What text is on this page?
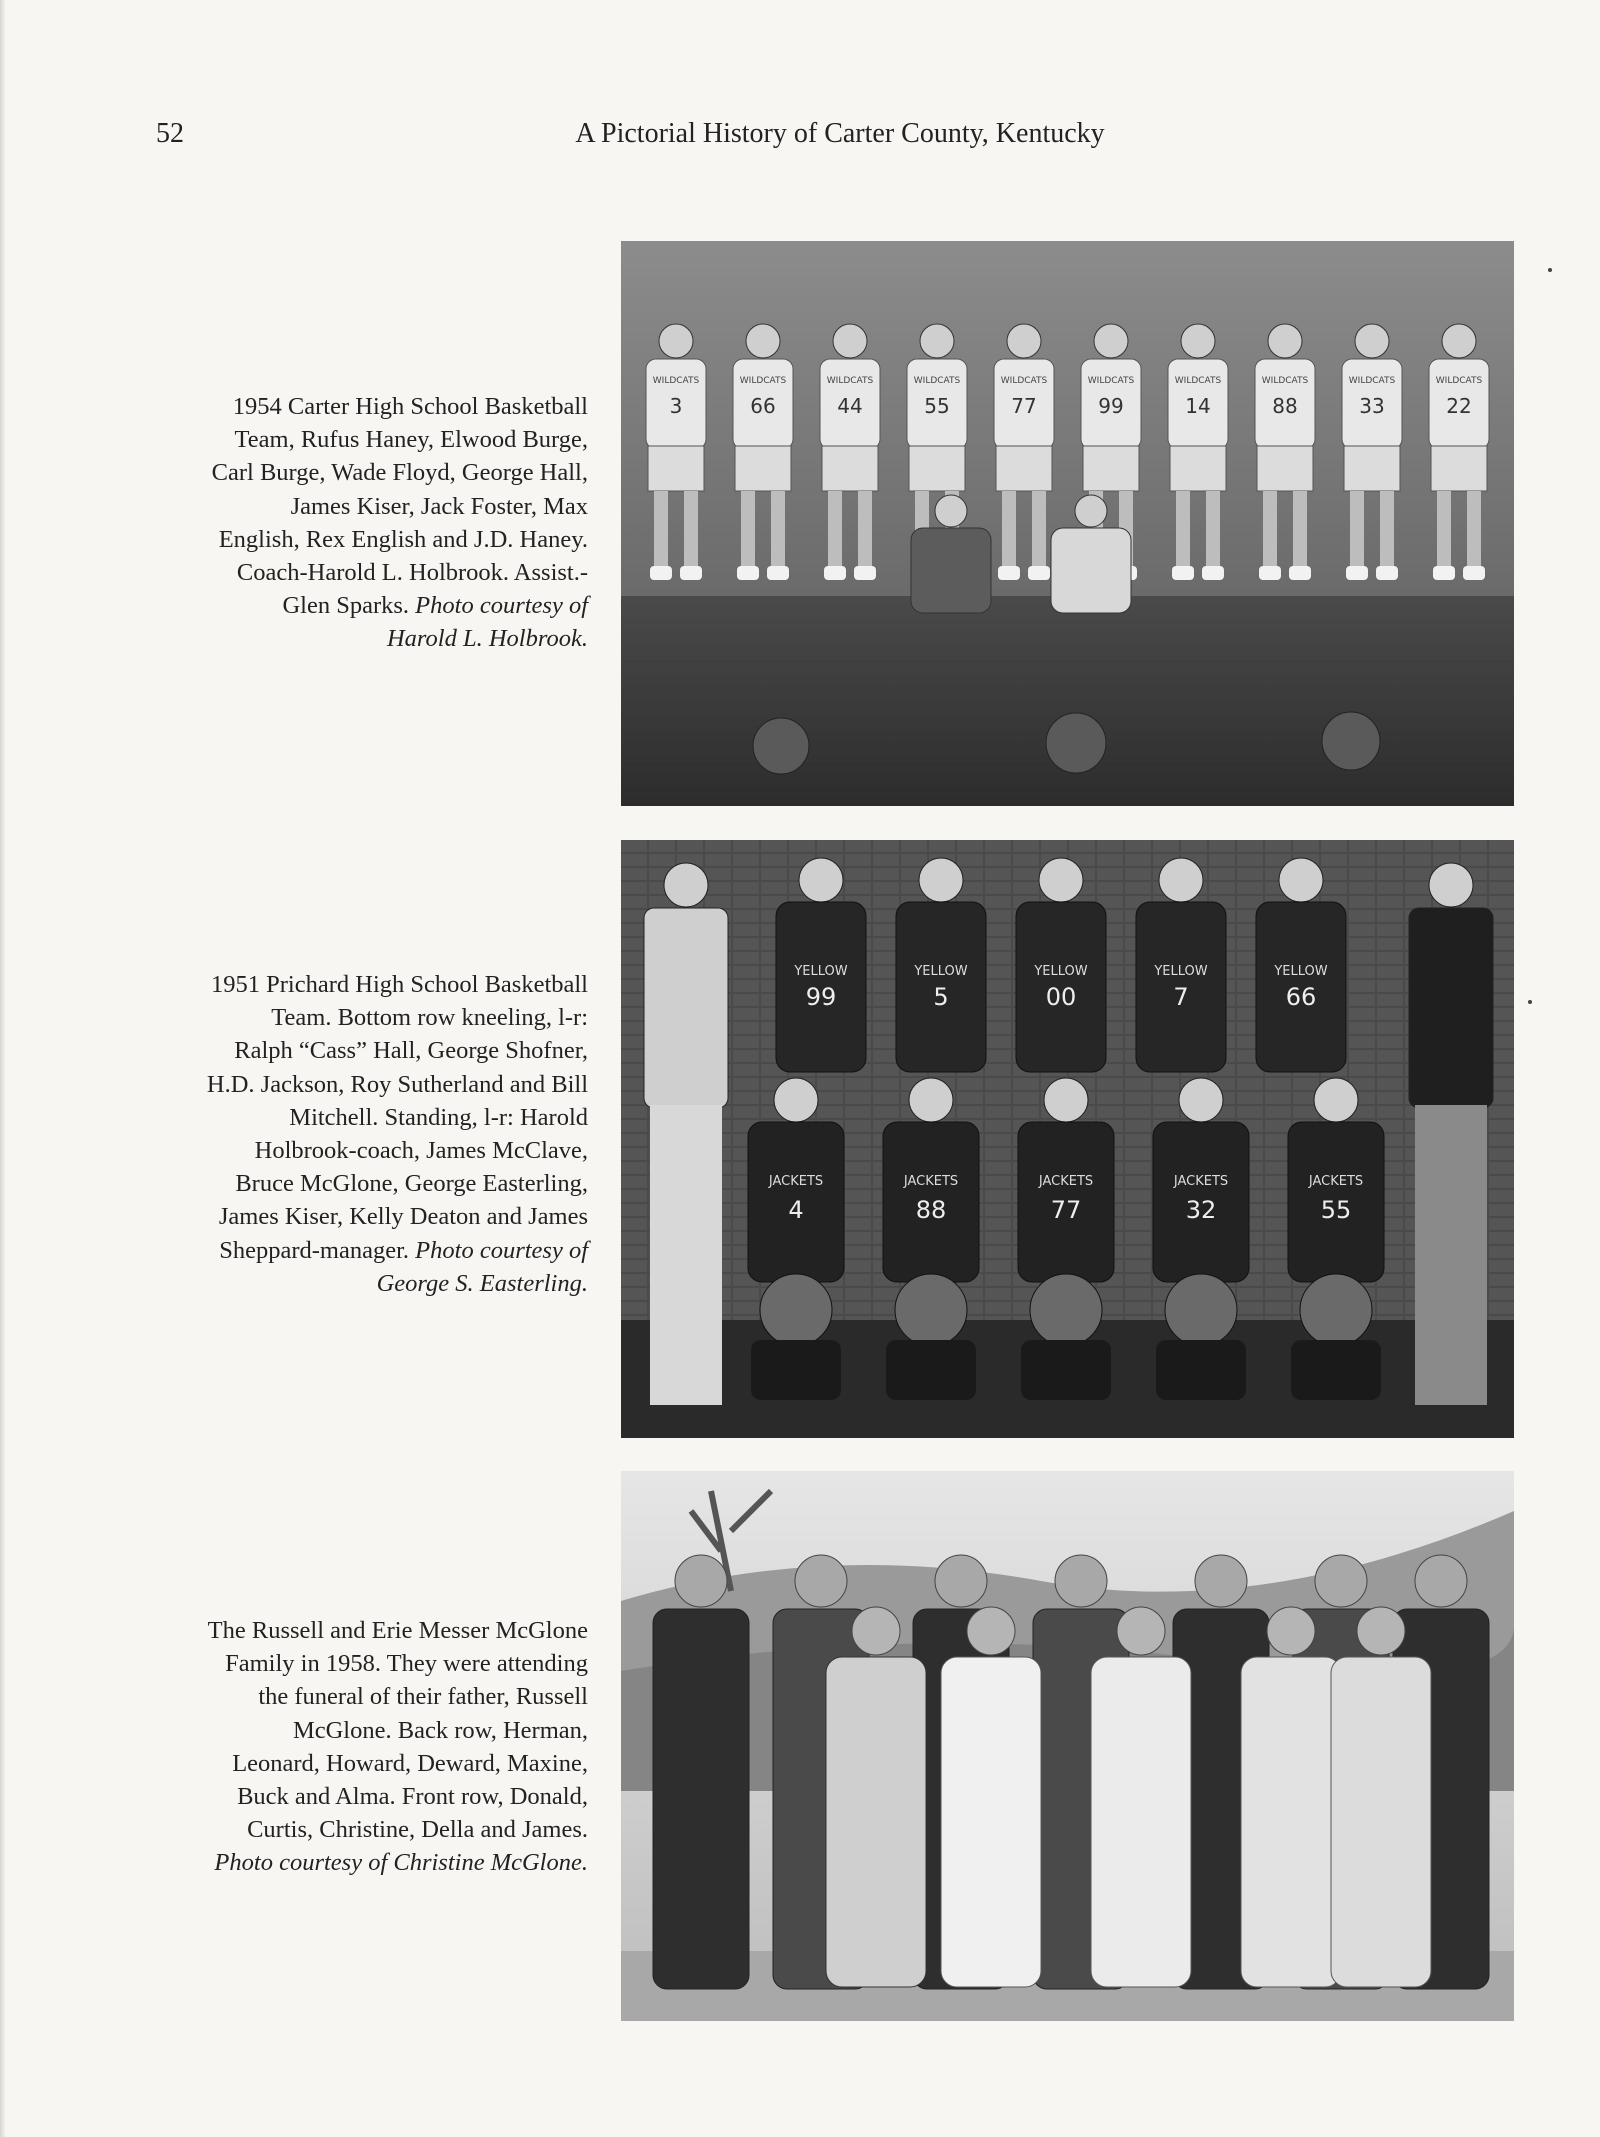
52	A Pictorial History of Carter County, Kentucky
1954 Carter High School Basketball
Team, Rufus Haney, Elwood Burge,
Carl Burge, Wade Floyd, George Hall,
James Kiser, Jack Foster, Max
English, Rex English and J.D. Haney.
Coach-Harold L. Holbrook. Assist.-
Glen Sparks. Photo courtesy of
Harold L. Holbrook.
1951 Prichard High School Basketball
Team. Bottom row kneeling, l-r:
Ralph “Cass” Hall, George Shofner,
H.D. Jackson, Roy Sutherland and Bill
Mitchell. Standing, l-r: Harold
Holbrook-coach, James McClave,
Bruce McGlone, George Easterling,
James Kiser, Kelly Deaton and James
Sheppard-manager. Photo courtesy of
George S. Easterling.
The Russell and Erie Messer McGlone
Family in 1958. They were attending
the funeral of their father, Russell
McGlone. Back row, Herman,
Leonard, Howard, Deward, Maxine,
Buck and Alma. Front row, Donald,
Curtis, Christine, Della and James.
Photo courtesy of Christine McGlone.
3
WILDCATS
66
WILDCATS
44
WILDCATS
55
WILDCATS
77
WILDCATS
99
WILDCATS
14
WILDCATS
88
WILDCATS
33
WILDCATS
22
WILDCATS
YELLOW
99
YELLOW
5
YELLOW
00
YELLOW
7
YELLOW
66
JACKETS
4
JACKETS
88
JACKETS
77
JACKETS
32
JACKETS
55
